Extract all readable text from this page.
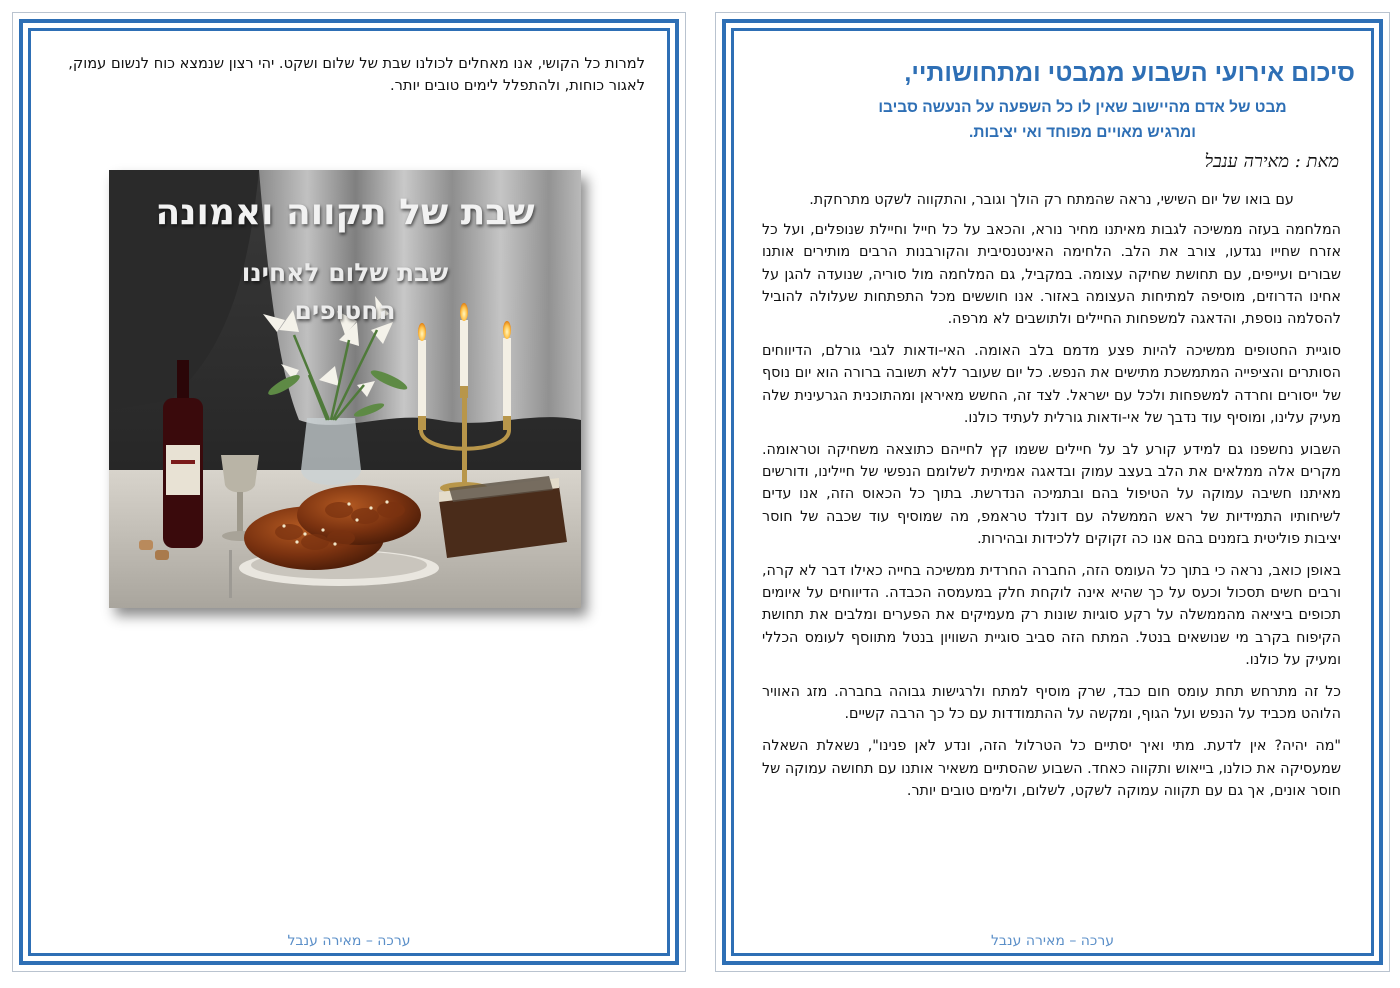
למרות כל הקושי, אנו מאחלים לכולנו שבת של שלום ושקט. יהי רצון שנמצא כוח לנשום עמוק, לאגור כוחות, ולהתפלל לימים טובים יותר.
שבת של תקווה ואמונה
שבת שלום לאחינו
החטופים
ערכה – מאירה ענבל
סיכום אירועי השבוע ממבטי ומתחושותיי,
מבט של אדם מהיישוב שאין לו כל השפעה על הנעשה סביבו
ומרגיש מאויים מפוחד ואי יציבות.
מאת : מאירה ענבל

עם בואו של יום השישי, נראה שהמתח רק הולך וגובר, והתקווה לשקט מתרחקת.

המלחמה בעזה ממשיכה לגבות מאיתנו מחיר נורא, והכאב על כל חייל וחיילת שנופלים, ועל כל אזרח שחייו נגדעו, צורב את הלב. הלחימה האינטנסיבית והקורבנות הרבים מותירים אותנו שבורים ועייפים, עם תחושת שחיקה עצומה. במקביל, גם המלחמה מול סוריה, שנועדה להגן על אחינו הדרוזים, מוסיפה למתיחות העצומה באזור. אנו חוששים מכל התפתחות שעלולה להוביל להסלמה נוספת, והדאגה למשפחות החיילים ולתושבים לא מרפה.

סוגיית החטופים ממשיכה להיות פצע מדמם בלב האומה. האי-ודאות לגבי גורלם, הדיווחים הסותרים והציפייה המתמשכת מתישים את הנפש. כל יום שעובר ללא תשובה ברורה הוא יום נוסף של ייסורים וחרדה למשפחות ולכל עם ישראל. לצד זה, החשש מאיראן ומהתוכנית הגרעינית שלה מעיק עלינו, ומוסיף עוד נדבך של אי-ודאות גורלית לעתיד כולנו.

השבוע נחשפנו גם למידע קורע לב על חיילים ששמו קץ לחייהם כתוצאה משחיקה וטראומה. מקרים אלה ממלאים את הלב בעצב עמוק ובדאגה אמיתית לשלומם הנפשי של חיילינו, ודורשים מאיתנו חשיבה עמוקה על הטיפול בהם ובתמיכה הנדרשת. בתוך כל הכאוס הזה, אנו עדים לשיחותיו התמידיות של ראש הממשלה עם דונלד טראמפ, מה שמוסיף עוד שכבה של חוסר יציבות פוליטית בזמנים בהם אנו כה זקוקים ללכידות ובהירות.

באופן כואב, נראה כי בתוך כל העומס הזה, החברה החרדית ממשיכה בחייה כאילו דבר לא קרה, ורבים חשים תסכול וכעס על כך שהיא אינה לוקחת חלק במעמסה הכבדה. הדיווחים על איומים תכופים ביציאה מהממשלה על רקע סוגיות שונות רק מעמיקים את הפערים ומלבים את תחושת הקיפוח בקרב מי שנושאים בנטל. המתח הזה סביב סוגיית השוויון בנטל מתווסף לעומס הכללי ומעיק על כולנו.

כל זה מתרחש תחת עומס חום כבד, שרק מוסיף למתח ולרגישות גבוהה בחברה. מזג האוויר הלוהט מכביד על הנפש ועל הגוף, ומקשה על ההתמודדות עם כל כך הרבה קשיים.

"מה יהיה? אין לדעת. מתי ואיך יסתיים כל הטרלול הזה, ונדע לאן פנינו", נשאלת השאלה שמעסיקה את כולנו, בייאוש ותקווה כאחד. השבוע שהסתיים משאיר אותנו עם תחושה עמוקה של חוסר אונים, אך גם עם תקווה עמוקה לשקט, לשלום, ולימים טובים יותר.

ערכה – מאירה ענבל
